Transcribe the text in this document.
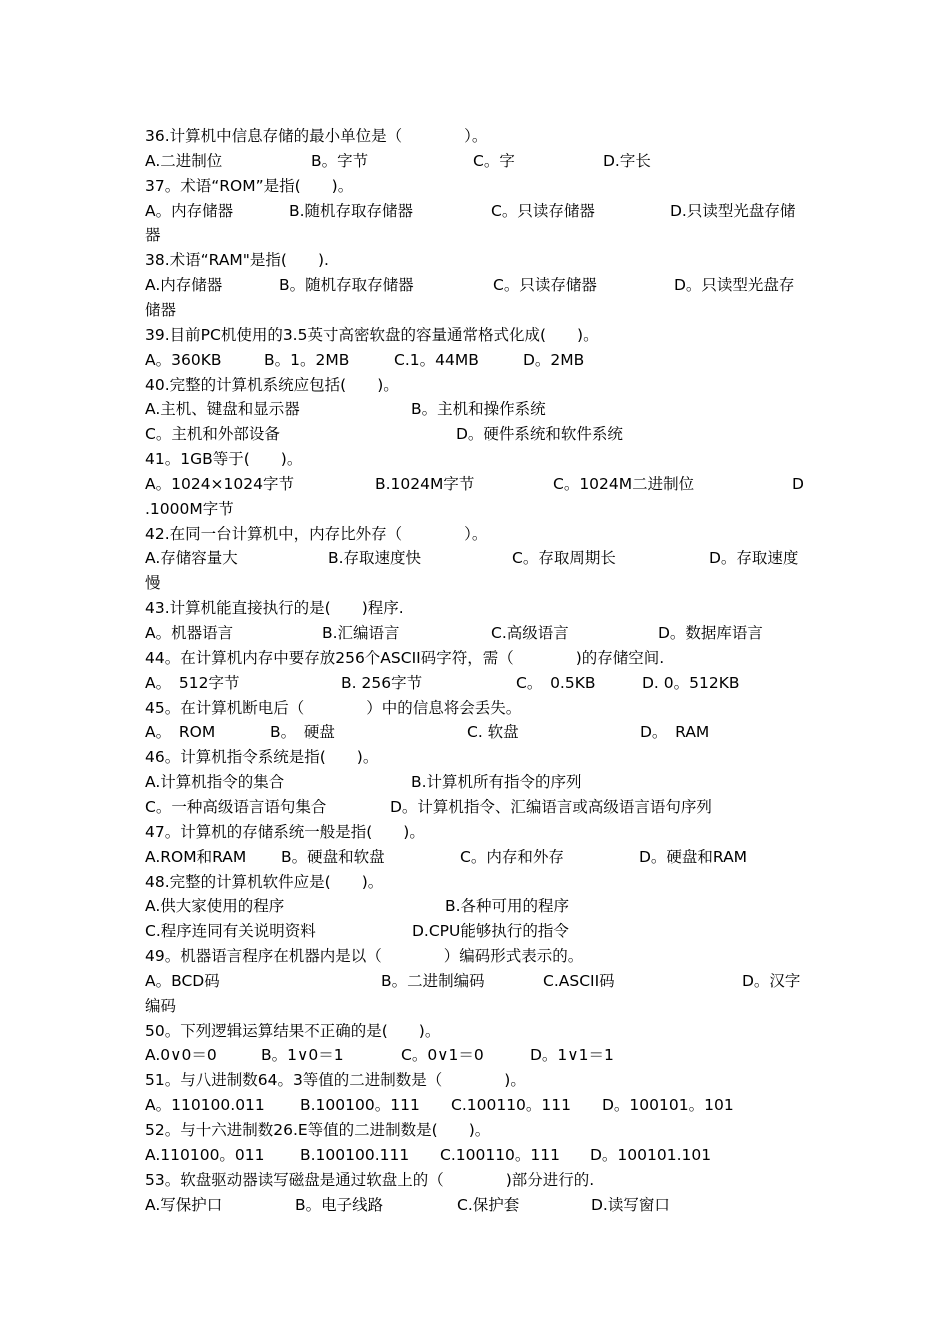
36.计算机中信息存储的最小单位是（　　　　）。
A.二进制位	B。字节	C。字	D.字长
37。术语“ROM”是指(　　)。
A。内存储器	B.随机存取存储器	C。只读存储器	D.只读型光盘存储
器
38.术语“RAM"是指(　　).
A.内存储器	B。随机存取存储器	C。只读存储器	D。只读型光盘存
储器
39.目前PC机使用的3.5英寸高密软盘的容量通常格式化成(　　)。
A。360KB	B。1。2MB	C.1。44MB	D。2MB
40.完整的计算机系统应包括(　　)。
A.主机、键盘和显示器	B。主机和操作系统
C。主机和外部设备	D。硬件系统和软件系统
41。1GB等于(　　)。
A。1024×1024字节	B.1024M字节	C。1024M二进制位	D
.1000M字节
42.在同一台计算机中，内存比外存（　　　　）。
A.存储容量大	B.存取速度快	C。存取周期长	D。存取速度
慢
43.计算机能直接执行的是(　　)程序.
A。机器语言	B.汇编语言	C.高级语言	D。数据库语言
44。在计算机内存中要存放256个ASCII码字符，需（　　　　)的存储空间.
A。　512字节	B. 256字节	C。　0.5KB	D. 0。512KB
45。在计算机断电后（　　　　）中的信息将会丢失。
A。　ROM	B。　硬盘	C. 软盘	D。　RAM
46。计算机指令系统是指(　　)。
A.计算机指令的集合	B.计算机所有指令的序列
C。一种高级语言语句集合	D。计算机指令、汇编语言或高级语言语句序列
47。计算机的存储系统一般是指(　　)。
A.ROM和RAM B。硬盘和软盘	C。内存和外存	D。硬盘和RAM
48.完整的计算机软件应是(　　)。
A.供大家使用的程序	B.各种可用的程序
C.程序连同有关说明资料	D.CPU能够执行的指令
49。机器语言程序在机器内是以（　　　　）编码形式表示的。
A。BCD码	B。二进制编码	C.ASCII码	D。汉字
编码
50。下列逻辑运算结果不正确的是(　　)。
A.0∨0＝0	B。1∨0＝1	C。0∨1＝0	D。1∨1＝1
51。与八进制数64。3等值的二进制数是（　　　　)。
A。110100.011 B.100100。111 C.100110。111 D。100101。101
52。与十六进制数26.E等值的二进制数是(　　)。
A.110100。011 B.100100.111 C.100110。111 D。100101.101
53。软盘驱动器读写磁盘是通过软盘上的（　　　　)部分进行的.
A.写保护口	B。电子线路	C.保护套	D.读写窗口
